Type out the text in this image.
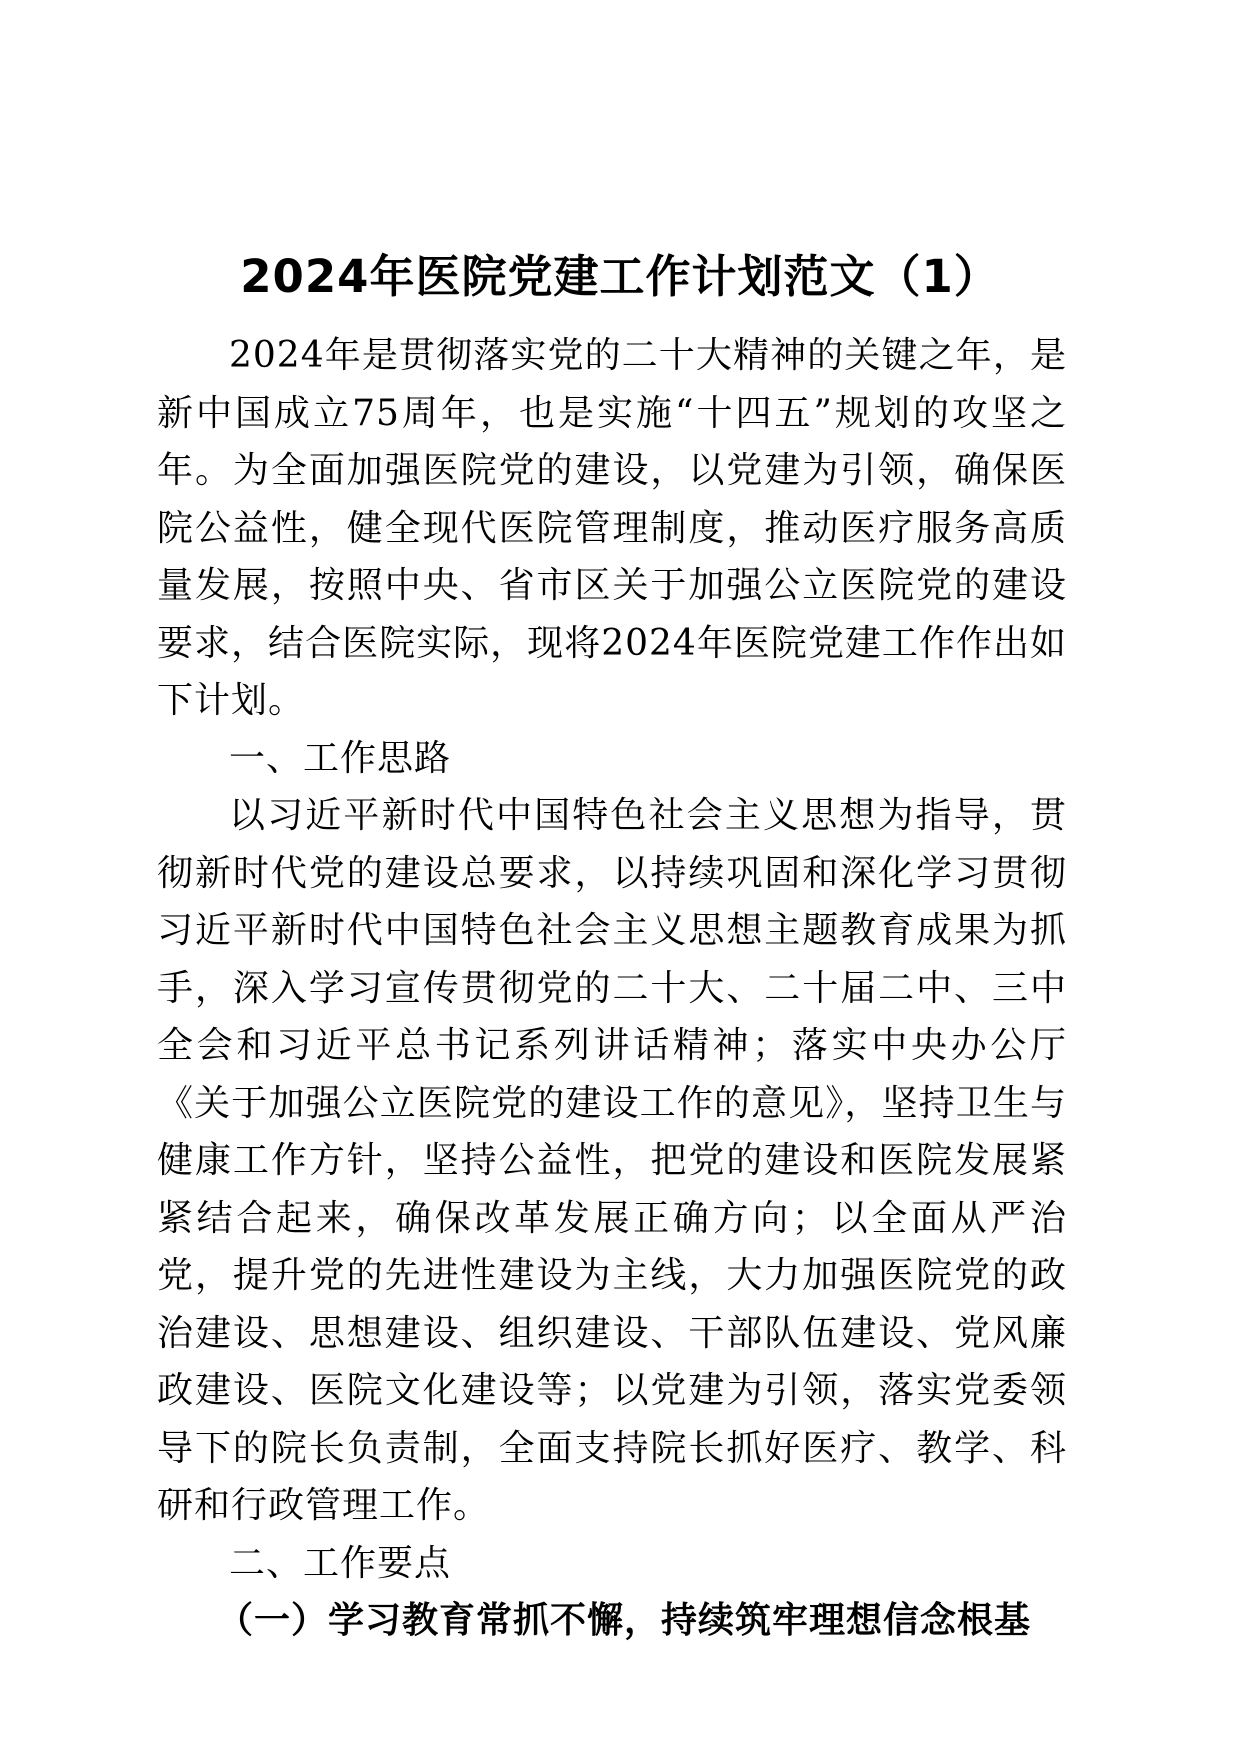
2024年医院党建工作计划范文（1）

2024年是贯彻落实党的二十大精神的关键之年，是新中国成立75周年，也是实施“十四五”规划的攻坚之年。为全面加强医院党的建设，以党建为引领，确保医院公益性，健全现代医院管理制度，推动医疗服务高质量发展，按照中央、省市区关于加强公立医院党的建设要求，结合医院实际，现将2024年医院党建工作作出如下计划。

一、工作思路

以习近平新时代中国特色社会主义思想为指导，贯彻新时代党的建设总要求，以持续巩固和深化学习贯彻习近平新时代中国特色社会主义思想主题教育成果为抓手，深入学习宣传贯彻党的二十大、二十届二中、三中全会和习近平总书记系列讲话精神；落实中央办公厅《关于加强公立医院党的建设工作的意见》，坚持卫生与健康工作方针，坚持公益性，把党的建设和医院发展紧紧结合起来，确保改革发展正确方向；以全面从严治党，提升党的先进性建设为主线，大力加强医院党的政治建设、思想建设、组织建设、干部队伍建设、党风廉政建设、医院文化建设等；以党建为引领，落实党委领导下的院长负责制，全面支持院长抓好医疗、教学、科研和行政管理工作。

二、工作要点

（一）学习教育常抓不懈，持续筑牢理想信念根基
